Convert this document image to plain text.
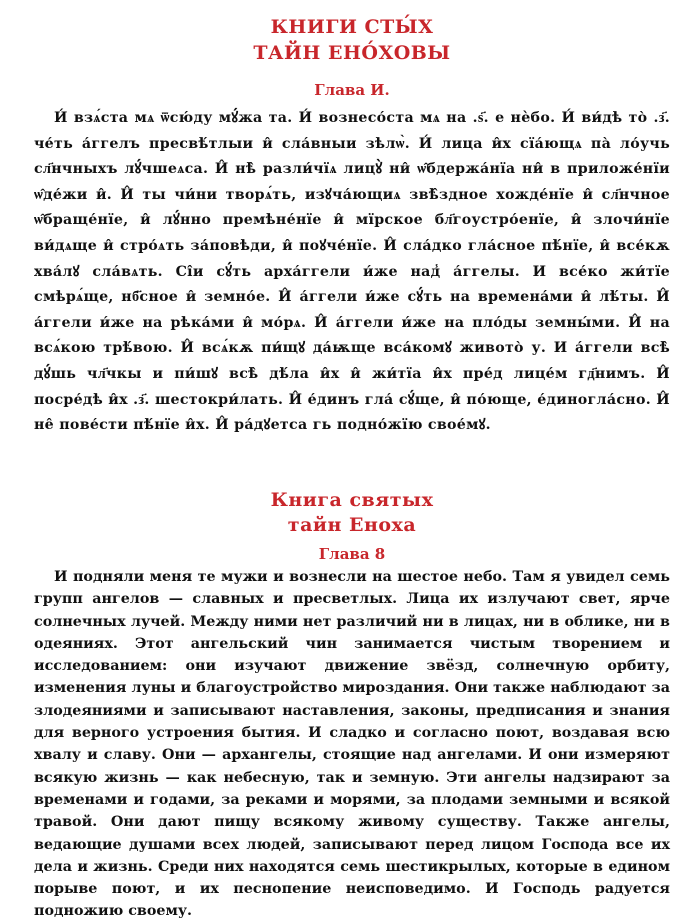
КНИГИ СТЫ́Х
ТАЙН ЕНО́ХОВЫ
Глава И.

И́ взѧ́ста мѧ ѿсю́ду мꙋ́жа та. И́ вознесо́ста мѧ на .ѕ҃. е нѐбо. И́ ви́дѣ то̀ .з҃. че́ть а́ггелъ пресвѣ́тлыи и̂ сла́вныи зѣлѡ̀. И́ лица и̂х сїа́ющѧ па̀ ло́учь сл҃нчныхъ лꙋ́чшеѧса. И̂ нѣ̀ разли́чїѧ лицꙋ̀ ни̂ ѡ̂бдержа́нїа ни̂ в приложе́нїи ѡ̂де́жи и̂. И̂ ты чи́ни творѧ́ть, изꙋча́ющиѧ звѣ̂здное хожде́нїе и̂ сл҃нчное ѡ̂браще́нїе, и̂ лꙋ́нно премѣне́нїе и̂ мїрское бл҃гоустро́енїе, и̂ злочи́нїе ви́дѧще и̂ стро́ѧть за́повѣди, и̂ поꙋче́нїе. И̂ сла́дко гла́сное пѣ́нїе, и̂ все́кѫ хва́лꙋ сла́вѧть. Сі̂и сꙋ́ть арха́ггели и́же над̾ а́ггелы. И все́ко жи́тїе смѣрѧ́ще, нб҃сное и̂ земно́е. И̂ а́ггели и́же сꙋ́ть на времена́ми и̂ лѣ́ты. И̂ а́ггели и́же на рѣка́ми и̂ мо́рѧ. И̂ а́ггели и́же на пло́ды земны́ми. И̂ на всѧ́кою трѣ́вою. И̂ всѧ́кѫ пи́щꙋ да́ѭще вса́комꙋ живото̀ у. И а́ггели всѣ̀ дꙋ́шь чл҃чкы и пи́шꙋ всѣ̀ дѣ́ла и̂х и̂ жи́тїа и̂х пре́д лице́м гд҃нимъ. И̂ посре́дѣ и̂х .з҃. шестокри́лать. И̂ е́динъ гла́ сꙋ́ще, и̂ по́юще, е́диногла́сно. И̂ не̂ пове́сти пѣ́нїе и̂х. И̂ ра́дꙋетса гь подно́жїю свое́мꙋ.

Книга святых
тайн Еноха
Глава 8

И подняли меня те мужи и вознесли на шестое небо. Там я увидел семь групп ангелов — славных и пресветлых. Лица их излучают свет, ярче солнечных лучей. Между ними нет различий ни в лицах, ни в облике, ни в одеяниях. Этот ангельский чин занимается чистым творением и исследованием: они изучают движение звёзд, солнечную орбиту, изменения луны и благоустройство мироздания. Они также наблюдают за злодеяниями и записывают наставления, законы, предписания и знания для верного устроения бытия. И сладко и согласно поют, воздавая всю хвалу и славу. Они — архангелы, стоящие над ангелами. И они измеряют всякую жизнь — как небесную, так и земную. Эти ангелы надзирают за временами и годами, за реками и морями, за плодами земными и всякой травой. Они дают пищу всякому живому существу. Также ангелы, ведающие душами всех людей, записывают перед лицом Господа все их дела и жизнь. Среди них находятся семь шестикрылых, которые в едином порыве поют, и их песнопение неисповедимо. И Господь радуется подножию своему.
